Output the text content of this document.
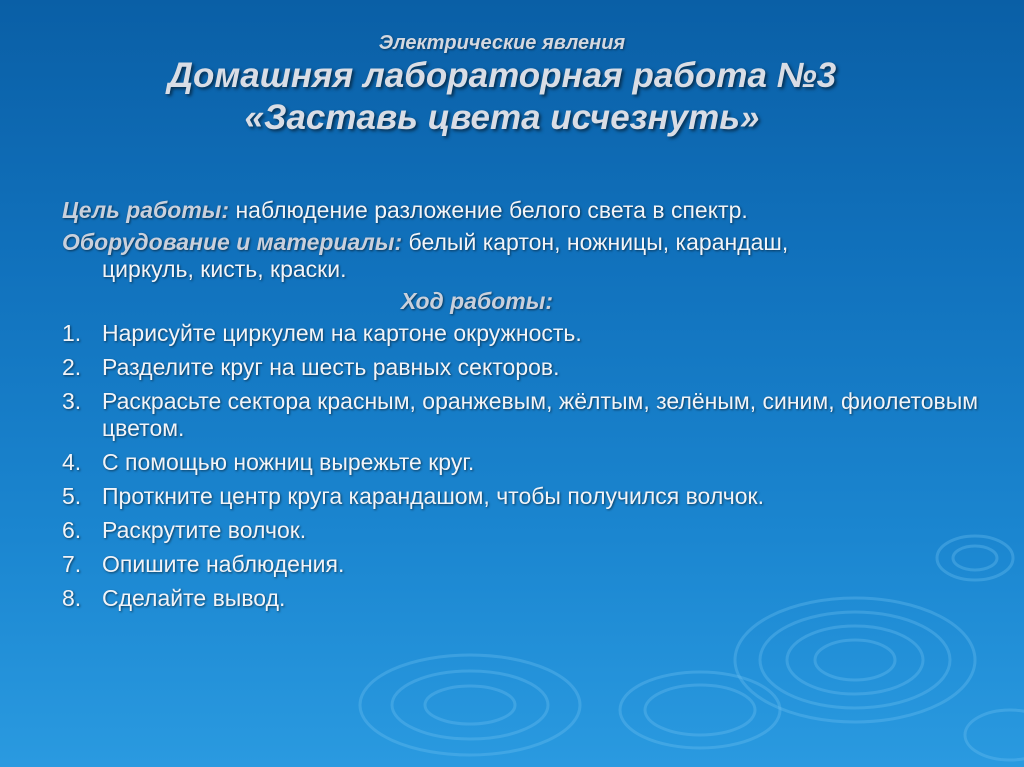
Электрические явления
Домашняя лабораторная работа №3
«Заставь цвета исчезнуть»

Цель работы: наблюдение разложение белого света в спектр.

Оборудование и материалы: белый картон, ножницы, карандаш,
циркуль, кисть, краски.

Ход работы:
1. Нарисуйте циркулем на картоне окружность.
2. Разделите круг на шесть равных секторов.
3. Раскрасьте сектора красным, оранжевым, жёлтым, зелёным, синим, фиолетовым цветом.
4. С помощью ножниц вырежьте круг.
5. Проткните центр круга карандашом, чтобы получился волчок.
6. Раскрутите волчок.
7. Опишите наблюдения.
8. Сделайте вывод.
